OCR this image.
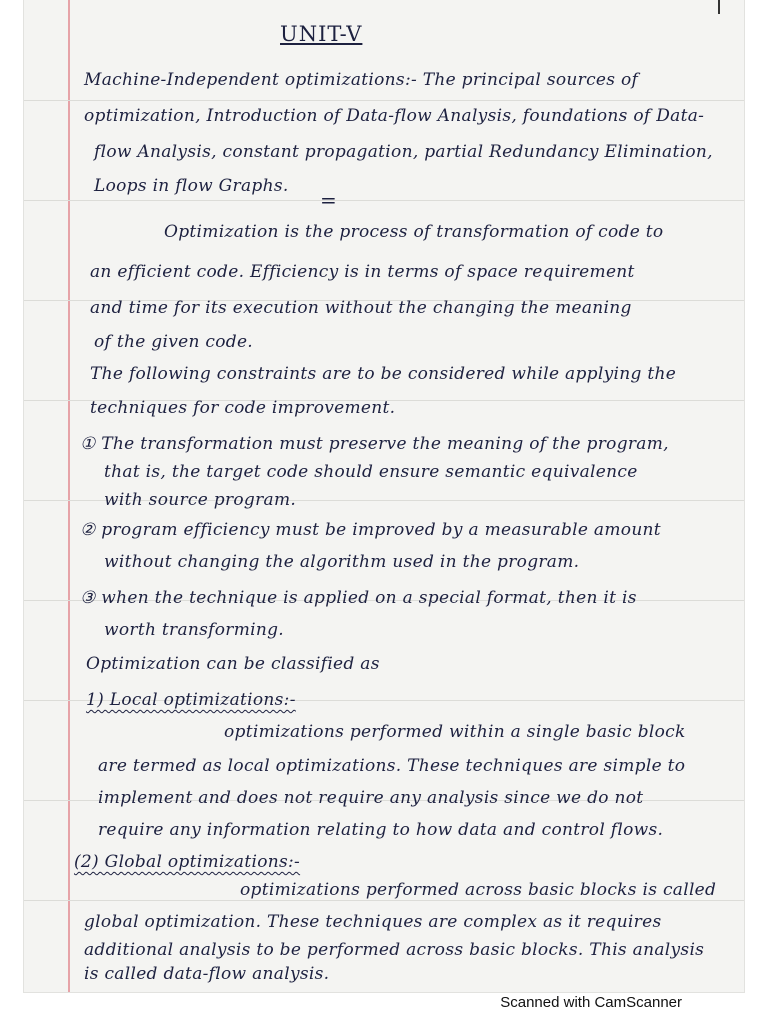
UNIT-V
Machine-Independent optimizations:- The principal sources of
optimization, Introduction of Data-flow Analysis, foundations of Data-
flow Analysis, constant propagation, partial Redundancy Elimination,
Loops in flow Graphs.
=
Optimization is the process of transformation of code to
an efficient code. Efficiency is in terms of space requirement
and time for its execution without the changing the meaning
of the given code.
The following constraints are to be considered while applying the
techniques for code improvement.
① The transformation must preserve the meaning of the program,
that is, the target code should ensure semantic equivalence
with source program.
② program efficiency must be improved by a measurable amount
without changing the algorithm used in the program.
③ when the technique is applied on a special format, then it is
worth transforming.
Optimization can be classified as
1) Local optimizations:-
optimizations performed within a single basic block
are termed as local optimizations. These techniques are simple to
implement and does not require any analysis since we do not
require any information relating to how data and control flows.
(2) Global optimizations:-
optimizations performed across basic blocks is called
global optimization. These techniques are complex as it requires
additional analysis to be performed across basic blocks. This analysis
is called data-flow analysis.
Scanned with CamScanner
